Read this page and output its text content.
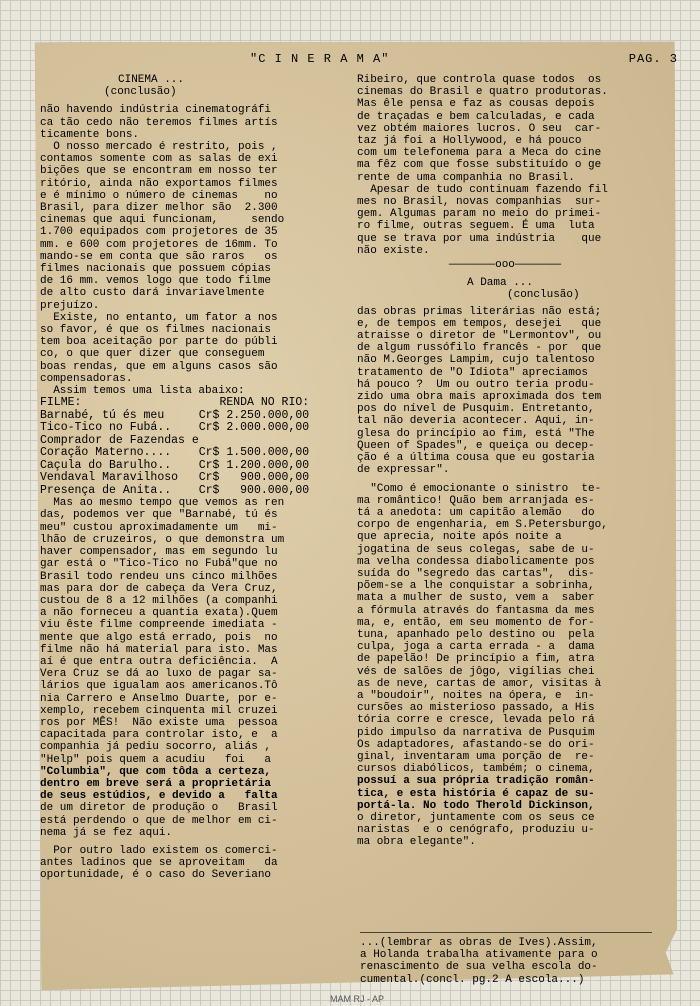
"C I N E R A M A"	PAG. 3
CINEMA ...
(conclusão)

não havendo indústria cinematográfi

ca tão cedo não teremos filmes artís

ticamente bons.

O nosso mercado é restrito, pois ,

contamos somente com as salas de exi

bições que se encontram em nosso ter

ritório, ainda não exportamos filmes

e é mínimo o número de cinemas    no

Brasil, para dizer melhor são  2.300

cinemas que aqui funcionam,     sendo

1.700 equipados com projetores de 35

mm. e 600 com projetores de 16mm. To

mando-se em conta que são raros   os

filmes nacionais que possuem cópias

de 16 mm. vemos logo que todo filme

de alto custo dará invariavelmente

prejuízo.

Existe, no entanto, um fator a nos

so favor, é que os filmes nacionais

tem boa aceitação por parte do públi

co, o que quer dizer que conseguem

boas rendas, que em alguns casos são

compensadoras.

Assim temos uma lista abaixo:

FILME:	RENDA NO RIO:
Barnabé, tú és meu	Cr$ 2.250.000,00
Tico-Tico no Fubá..	Cr$ 2.000.000,00
Comprador de Fazendas e	
Coração Materno....	Cr$ 1.500.000,00
Caçula do Barulho..	Cr$ 1.200.000,00
Vendaval Maravilhoso	Cr$   900.000,00
Presença de Anita..	Cr$   900.000,00

Mas ao mesmo tempo que vemos as ren

das, podemos ver que "Barnabé, tú és

meu" custou aproximadamente um   mi-

lhão de cruzeiros, o que demonstra um

haver compensador, mas em segundo lu

gar está o "Tico-Tico no Fubá"que no

Brasil todo rendeu uns cinco milhões

mas para dor de cabeça da Vera Cruz,

custou de 8 a 12 milhões (a companhi

a não forneceu a quantia exata).Quem

viu êste filme compreende imediata -

mente que algo está errado, pois  no

filme não há material para isto. Mas

aí é que entra outra deficiência.  A

Vera Cruz se dá ao luxo de pagar sa-

lários que igualam aos americanos.Tô

nia Carrero e Anselmo Duarte, por e-

xemplo, recebem cinquenta mil cruzei

ros por MÊS!  Não existe uma  pessoa

capacitada para controlar isto, e  a

companhia já pediu socorro, aliás ,

"Help" pois quem a acudiu   foi   a

"Columbia", que com tôda a certeza,

dentro em breve será a proprietária

de seus estúdios, e devido a   falta

de um diretor de produção o   Brasil

está perdendo o que de melhor em ci-

nema já se fez aqui.

Por outro lado existem os comerci-

antes ladinos que se aproveitam   da

oportunidade, é o caso do Severiano

Ribeiro, que controla quase todos  os

cinemas do Brasil e quatro produtoras.

Mas êle pensa e faz as cousas depois

de traçadas e bem calculadas, e cada

vez obtém maiores lucros. O seu  car-

taz já foi a Hollywood, e há pouco

com um telefonema para a Meca do cine

ma fêz com que fosse substituído o ge

rente de uma companhia no Brasil.

Apesar de tudo continuam fazendo fil

mes no Brasil, novas companhias  sur-

gem. Algumas param no meio do primei-

ro filme, outras seguem. É uma  luta

que se trava por uma indústria    que

não existe.

———————ooo———————
A Dama ...
(conclusão)

das obras primas literárias não está;

e, de tempos em tempos, desejei   que

atraisse o diretor de "Lermontov", ou

de algum russófilo francês - por  que

não M.Georges Lampim, cujo talentoso

tratamento de "O Idiota" apreciamos

há pouco ?  Um ou outro teria produ-

zido uma obra mais aproximada dos tem

pos do nível de Pusquim. Entretanto,

tal não deveria acontecer. Aqui, in-

glesa do princípio ao fim, está "The

Queen of Spades", e queiça ou decep-

ção é a última cousa que eu gostaria

de expressar".

"Como é emocionante o sinistro  te-

ma romântico! Quão bem arranjada es-

tá a anedota: um capitão alemão   do

corpo de engenharia, em S.Petersburgo,

que aprecia, noite após noite a

jogatina de seus colegas, sabe de u-

ma velha condessa diabolicamente pos

suída do "segredo das cartas",  dis-

põem-se a lhe conquistar a sobrinha,

mata a mulher de susto, vem a  saber

a fórmula através do fantasma da mes

ma, e, então, em seu momento de for-

tuna, apanhado pelo destino ou  pela

culpa, joga a carta errada - a  dama

de papelão! De princípio a fim, atra

vés de salões de jôgo, vigílias chei

as de neve, cartas de amor, visitas à

a "boudoir", noites na ópera, e  in-

cursões ao misterioso passado, a His

tória corre e cresce, levada pelo rá

pido impulso da narrativa de Pusquim

Os adaptadores, afastando-se do ori-

ginal, inventaram uma porção de  re-

cursos diabólicos, também; o cinema,

possuí a sua própria tradição român-

tica, e esta história é capaz de su-

portá-la. No todo Therold Dickinson,

o diretor, juntamente com os seus ce

naristas  e o cenógrafo, produziu u-

ma obra elegante".

...(lembrar as obras de Ives).Assim,

a Holanda trabalha ativamente para o

renascimento de sua velha escola do-

cumental.(concl. pg.2 A escola...)

MAM RJ - AP
